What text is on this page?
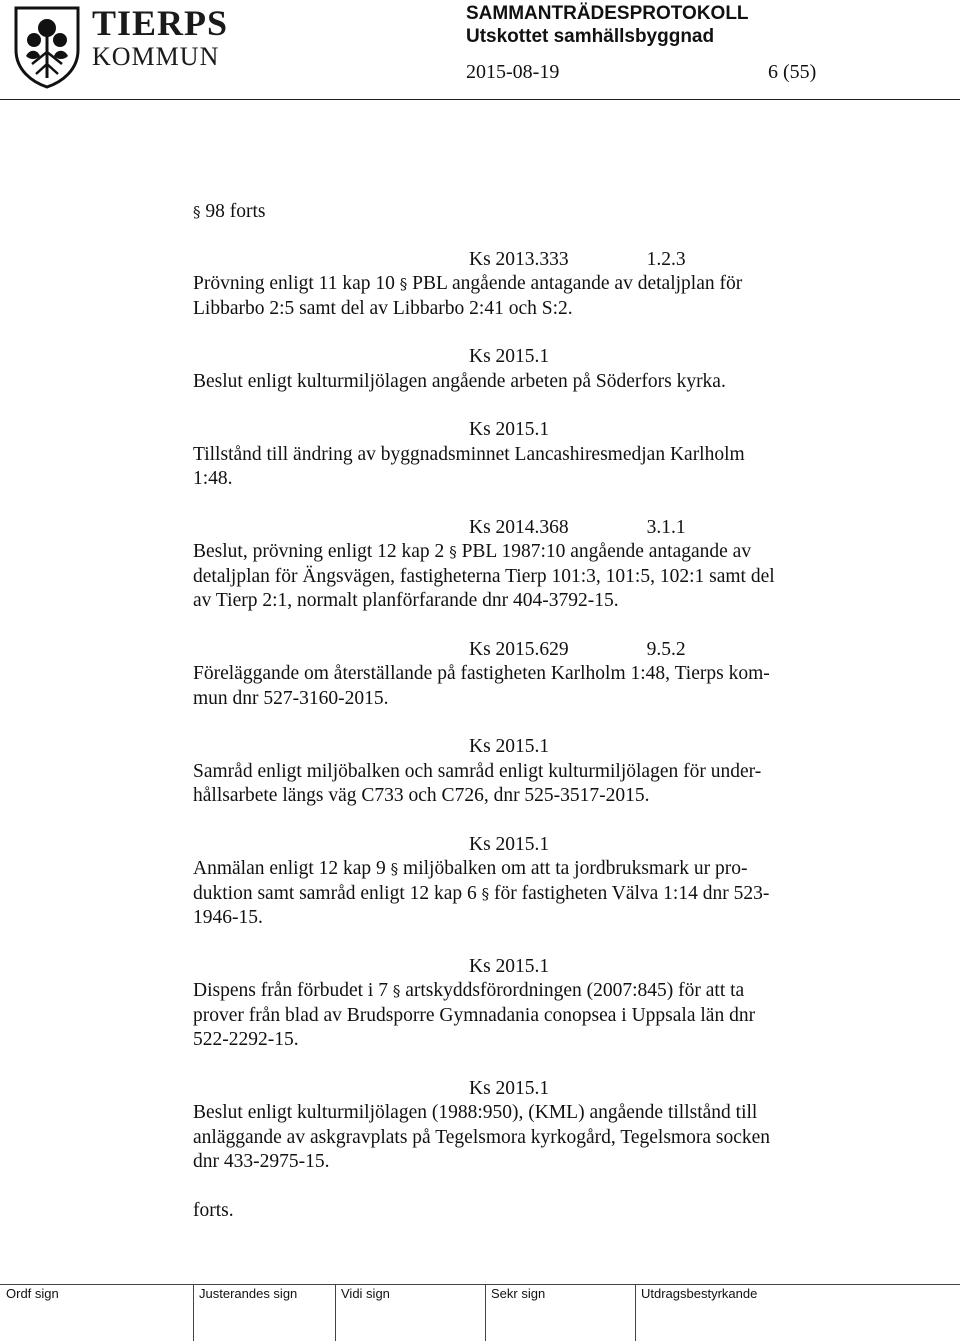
TIERPS
KOMMUN
SAMMANTRÄDESPROTOKOLL
Utskottet samhällsbyggnad
2015-08-19	6 (55)
§ 98 forts
Ks 2013.333	1.2.3
Prövning enligt 11 kap 10 § PBL angående antagande av detaljplan för
Libbarbo 2:5 samt del av Libbarbo 2:41 och S:2.
Ks 2015.1
Beslut enligt kulturmiljölagen angående arbeten på Söderfors kyrka.
Ks 2015.1
Tillstånd till ändring av byggnadsminnet Lancashiresmedjan Karlholm
1:48.
Ks 2014.368	3.1.1
Beslut, prövning enligt 12 kap 2 § PBL 1987:10 angående antagande av
detaljplan för Ängsvägen, fastigheterna Tierp 101:3, 101:5, 102:1 samt del
av Tierp 2:1, normalt planförfarande dnr 404-3792-15.
Ks 2015.629	9.5.2
Föreläggande om återställande på fastigheten Karlholm 1:48, Tierps kom-
mun dnr 527-3160-2015.
Ks 2015.1
Samråd enligt miljöbalken och samråd enligt kulturmiljölagen för under-
hållsarbete längs väg C733 och C726, dnr 525-3517-2015.
Ks 2015.1
Anmälan enligt 12 kap 9 § miljöbalken om att ta jordbruksmark ur pro-
duktion samt samråd enligt 12 kap 6 § för fastigheten Välva 1:14 dnr 523-
1946-15.
Ks 2015.1
Dispens från förbudet i 7 § artskyddsförordningen (2007:845) för att ta
prover från blad av Brudsporre Gymnadania conopsea i Uppsala län dnr
522-2292-15.
Ks 2015.1
Beslut enligt kulturmiljölagen (1988:950), (KML) angående tillstånd till
anläggande av askgravplats på Tegelsmora kyrkogård, Tegelsmora socken
dnr 433-2975-15.
forts.
Ordf sign	Justerandes sign	Vidi sign	Sekr sign	Utdragsbestyrkande
